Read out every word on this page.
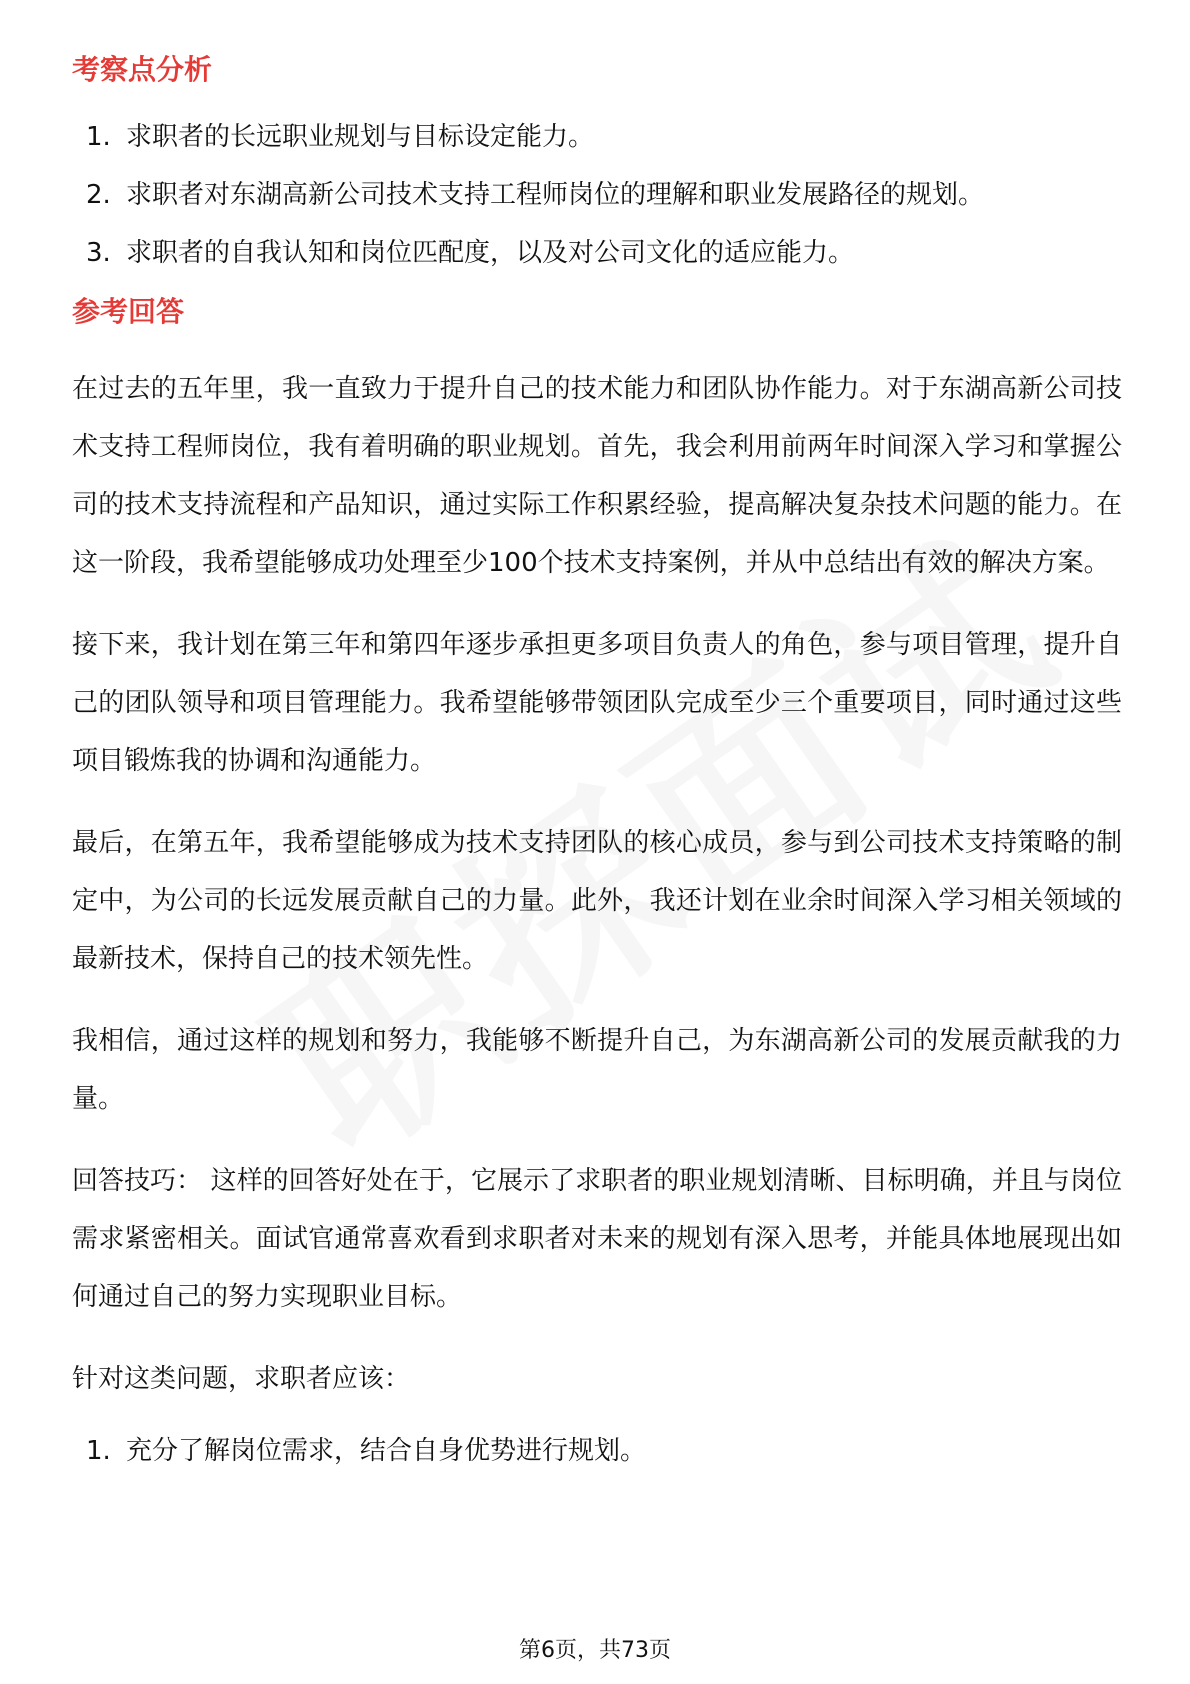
考察点分析
1. 求职者的长远职业规划与目标设定能力。
2. 求职者对东湖高新公司技术支持工程师岗位的理解和职业发展路径的规划。
3. 求职者的自我认知和岗位匹配度，以及对公司文化的适应能力。
参考回答

在过去的五年里，我一直致力于提升自己的技术能力和团队协作能力。对于东湖高新公司技术支持工程师岗位，我有着明确的职业规划。首先，我会利用前两年时间深入学习和掌握公司的技术支持流程和产品知识，通过实际工作积累经验，提高解决复杂技术问题的能力。在这一阶段，我希望能够成功处理至少100个技术支持案例，并从中总结出有效的解决方案。

接下来，我计划在第三年和第四年逐步承担更多项目负责人的角色，参与项目管理，提升自己的团队领导和项目管理能力。我希望能够带领团队完成至少三个重要项目，同时通过这些项目锻炼我的协调和沟通能力。

最后，在第五年，我希望能够成为技术支持团队的核心成员，参与到公司技术支持策略的制定中，为公司的长远发展贡献自己的力量。此外，我还计划在业余时间深入学习相关领域的最新技术，保持自己的技术领先性。

我相信，通过这样的规划和努力，我能够不断提升自己，为东湖高新公司的发展贡献我的力量。

回答技巧： 这样的回答好处在于，它展示了求职者的职业规划清晰、目标明确，并且与岗位需求紧密相关。面试官通常喜欢看到求职者对未来的规划有深入思考，并能具体地展现出如何通过自己的努力实现职业目标。

针对这类问题，求职者应该：

1. 充分了解岗位需求，结合自身优势进行规划。
第6页，共73页
